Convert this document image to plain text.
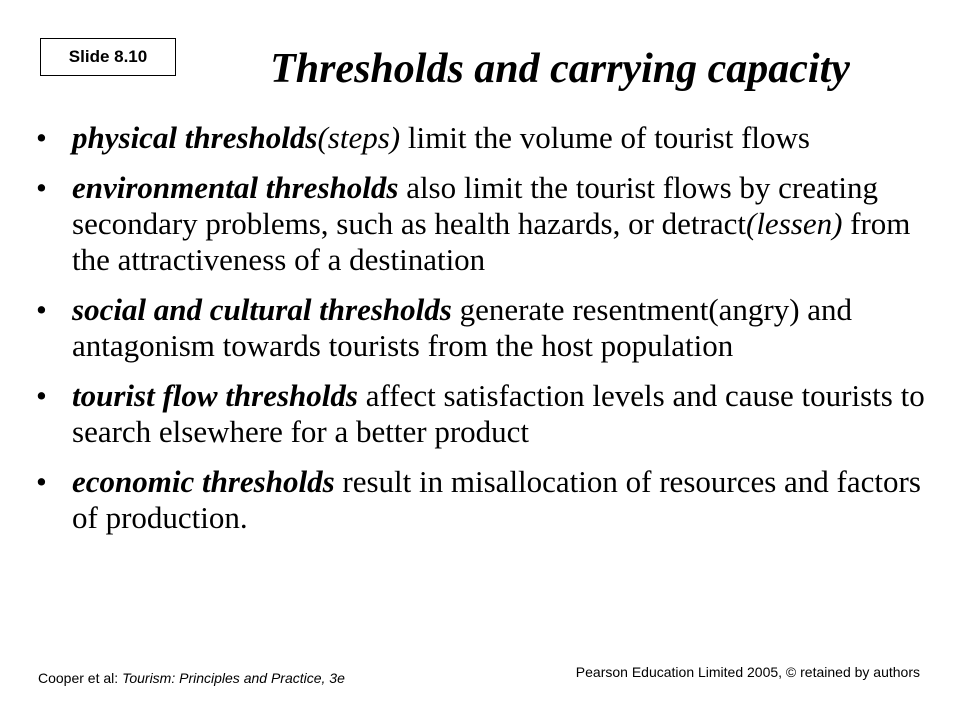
Slide 8.10	Thresholds and carrying capacity
• physical thresholds(steps) limit the volume of tourist flows
• environmental thresholds also limit the tourist flows by creating secondary problems, such as health hazards, or detract(lessen) from the attractiveness of a destination
• social and cultural thresholds generate resentment(angry) and antagonism towards tourists from the host population
• tourist flow thresholds affect satisfaction levels and cause tourists to search elsewhere for a better product
• economic thresholds result in misallocation of resources and factors of production.
Cooper et al: Tourism: Principles and Practice, 3e	Pearson Education Limited 2005, © retained by authors
